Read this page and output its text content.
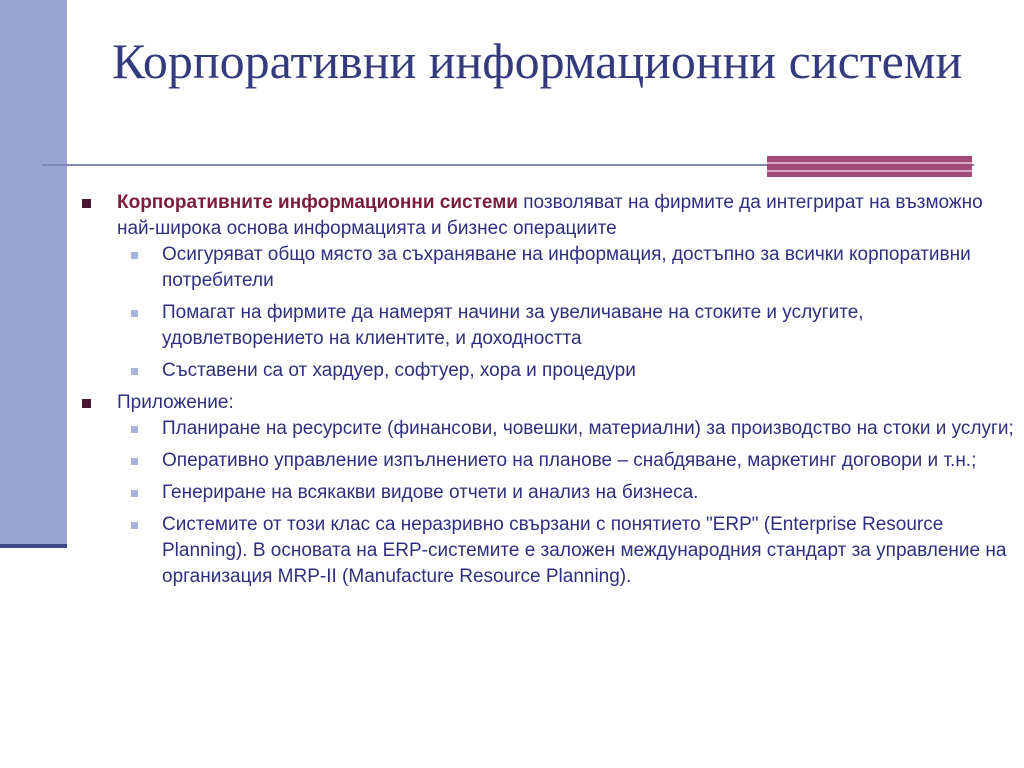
Корпоративни информационни системи
Корпоративните информационни системи позволяват на фирмите да интегрират на възможно най-широка основа информацията и бизнес операциите
Осигуряват общо място за съхраняване на информация, достъпно за всички корпоративни потребители
Помагат на фирмите да намерят начини за увеличаване на стоките и услугите, удовлетворението на клиентите, и доходността
Съставени са от хардуер, софтуер, хора и процедури
Приложение:
Планиране на ресурсите (финансови, човешки, материални) за производство на стоки и услуги;
Оперативно управление изпълнението на планове – снабдяване, маркетинг договори и т.н.;
Генериране на всякакви видове отчети и анализ на бизнеса.
Системите от този клас са неразривно свързани с понятието "ERP" (Enterprise Resource Planning). В основата на ERP-системите е заложен международния стандарт за управление на организация MRP-II (Manufacture Resource Planning).
